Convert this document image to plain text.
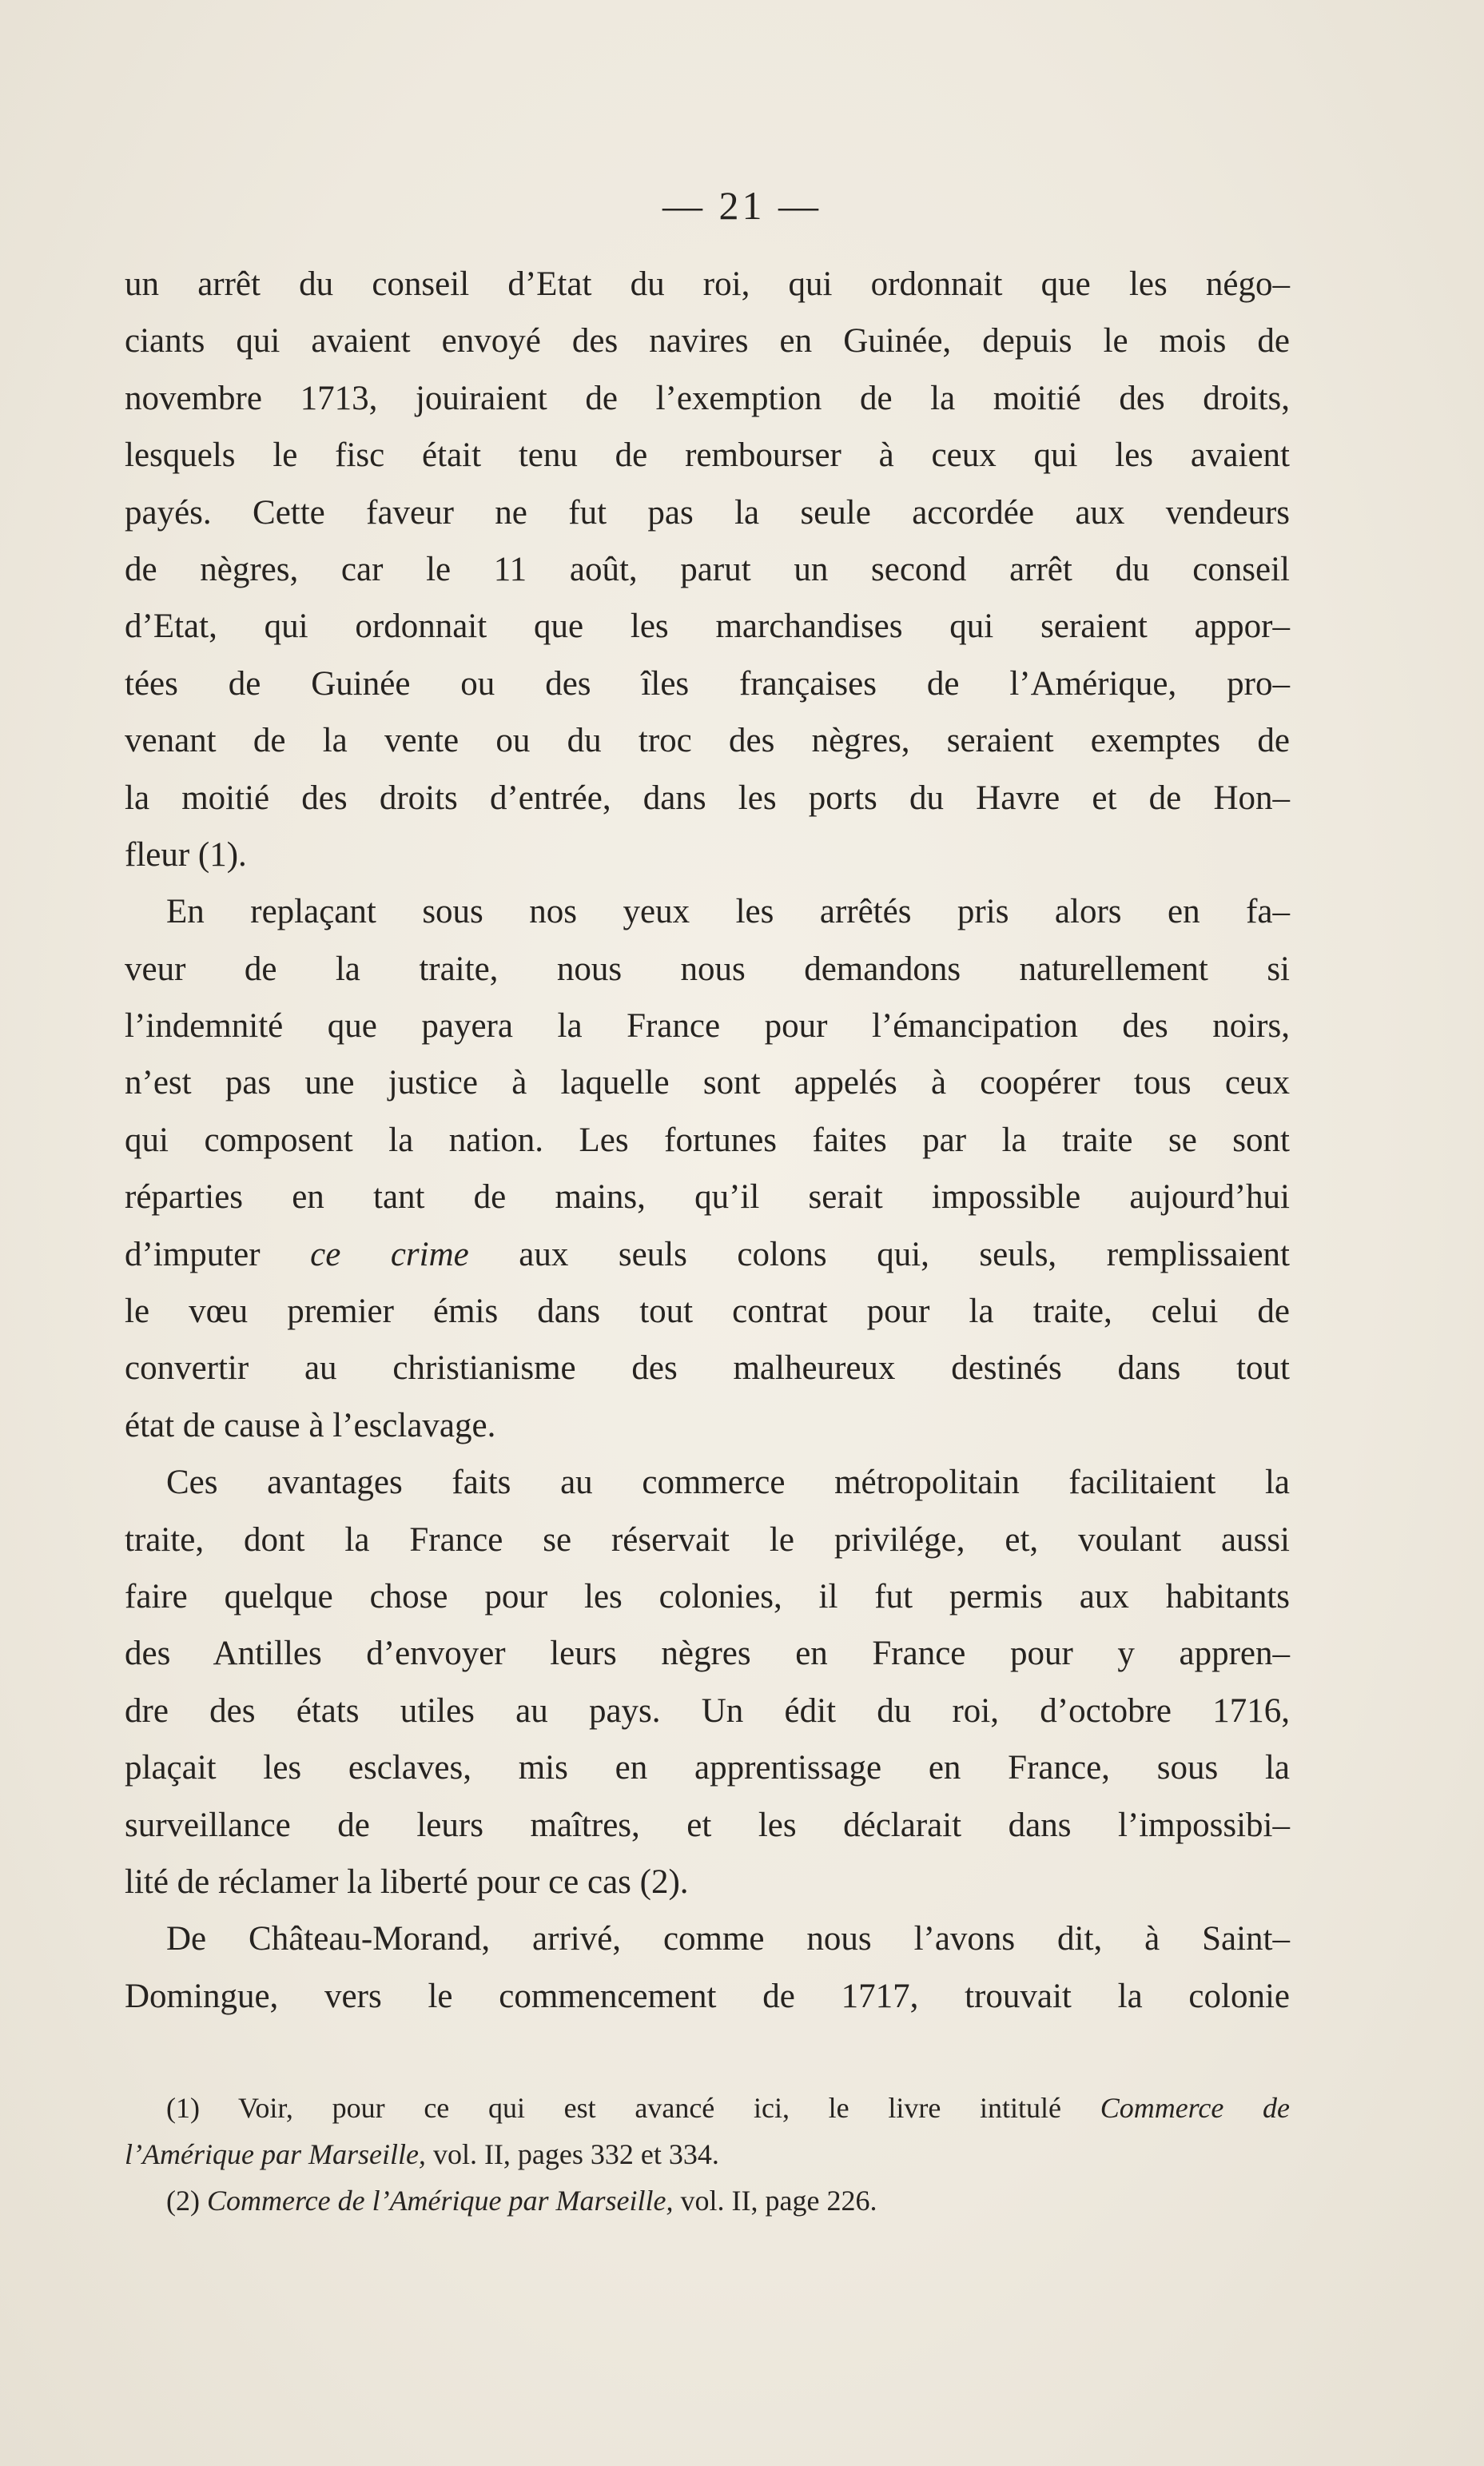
— 21 —
un arrêt du conseil d’Etat du roi, qui ordonnait que les négo–
ciants qui avaient envoyé des navires en Guinée, depuis le mois de
novembre 1713, jouiraient de l’exemption de la moitié des droits,
lesquels le fisc était tenu de rembourser à ceux qui les avaient
payés. Cette faveur ne fut pas la seule accordée aux vendeurs
de nègres, car le 11 août, parut un second arrêt du conseil
d’Etat, qui ordonnait que les marchandises qui seraient appor–
tées de Guinée ou des îles françaises de l’Amérique, pro–
venant de la vente ou du troc des nègres, seraient exemptes de
la moitié des droits d’entrée, dans les ports du Havre et de Hon–
fleur (1).
En replaçant sous nos yeux les arrêtés pris alors en fa–
veur de la traite, nous nous demandons naturellement si
l’indemnité que payera la France pour l’émancipation des noirs,
n’est pas une justice à laquelle sont appelés à coopérer tous ceux
qui composent la nation. Les fortunes faites par la traite se sont
réparties en tant de mains, qu’il serait impossible aujourd’hui
d’imputer ce crime aux seuls colons qui, seuls, remplissaient
le vœu premier émis dans tout contrat pour la traite, celui de
convertir au christianisme des malheureux destinés dans tout
état de cause à l’esclavage.
Ces avantages faits au commerce métropolitain facilitaient la
traite, dont la France se réservait le privilége, et, voulant aussi
faire quelque chose pour les colonies, il fut permis aux habitants
des Antilles d’envoyer leurs nègres en France pour y appren–
dre des états utiles au pays. Un édit du roi, d’octobre 1716,
plaçait les esclaves, mis en apprentissage en France, sous la
surveillance de leurs maîtres, et les déclarait dans l’impossibi–
lité de réclamer la liberté pour ce cas (2).
De Château-Morand, arrivé, comme nous l’avons dit, à Saint–
Domingue, vers le commencement de 1717, trouvait la colonie
(1) Voir, pour ce qui est avancé ici, le livre intitulé Commerce de
l’Amérique par Marseille, vol. II, pages 332 et 334.
(2) Commerce de l’Amérique par Marseille, vol. II, page 226.
